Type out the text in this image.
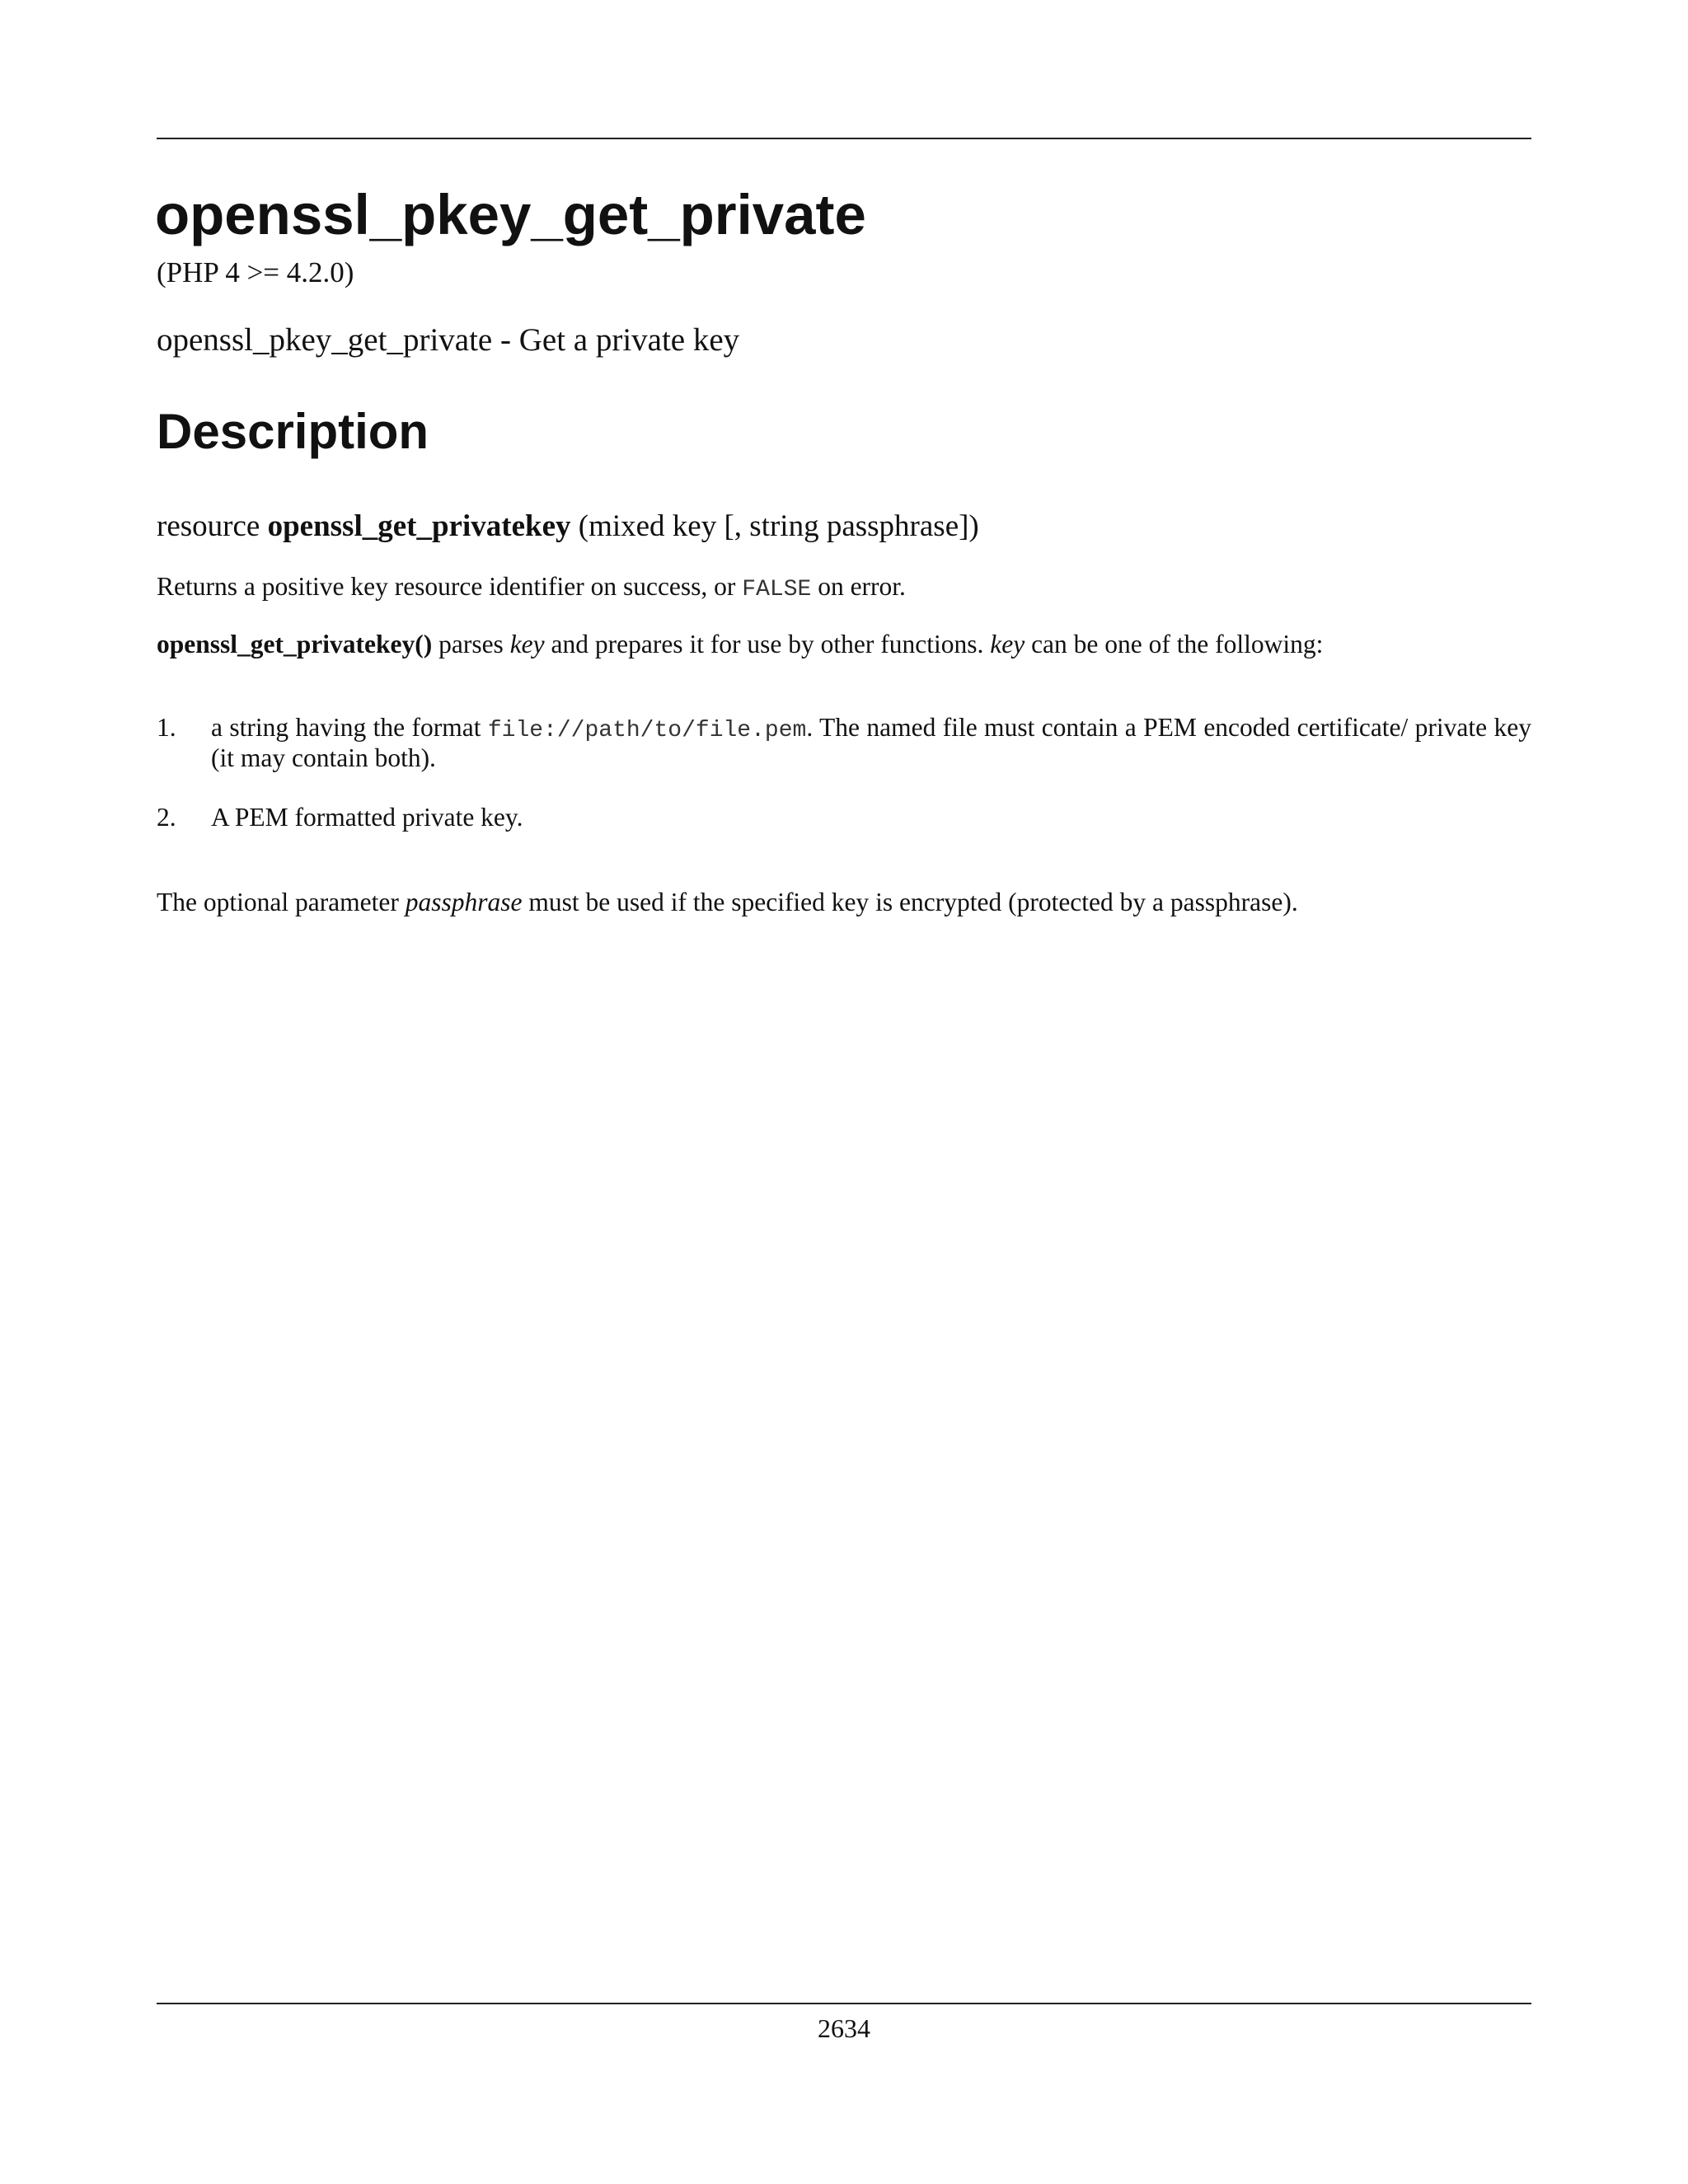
openssl_pkey_get_private
(PHP 4 >= 4.2.0)
openssl_pkey_get_private - Get a private key
Description
resource openssl_get_privatekey (mixed key [, string passphrase])
Returns a positive key resource identifier on success, or FALSE on error.
openssl_get_privatekey() parses key and prepares it for use by other functions. key can be one of the following:
1.	a string having the format file://path/to/file.pem. The named file must contain a PEM encoded certificate/ private key (it may contain both).
2.	A PEM formatted private key.
The optional parameter passphrase must be used if the specified key is encrypted (protected by a passphrase).
2634
